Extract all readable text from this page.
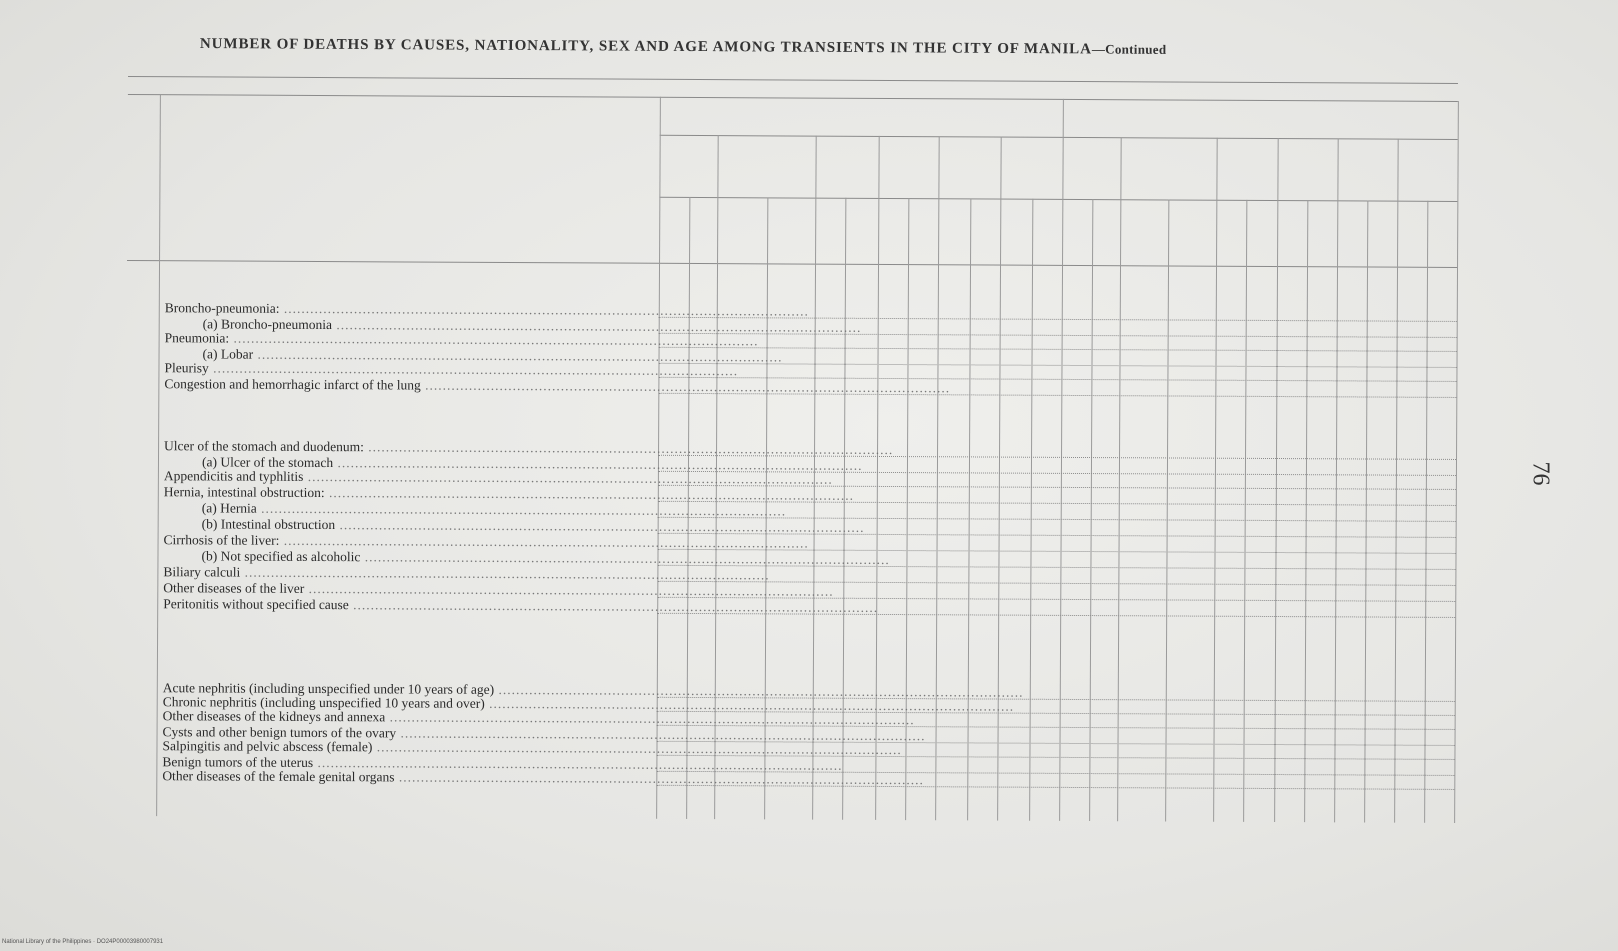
NUMBER OF DEATHS BY CAUSES, NATIONALITY, SEX AND AGE AMONG TRANSIENTS IN THE CITY OF MANILA—Continued
Broncho-pneumonia: ........................................................................................................................
(a) Broncho-pneumonia ........................................................................................................................
Pneumonia: ........................................................................................................................
(a) Lobar ........................................................................................................................
Pleurisy ........................................................................................................................
Congestion and hemorrhagic infarct of the lung ........................................................................................................................
Ulcer of the stomach and duodenum: ........................................................................................................................
(a) Ulcer of the stomach ........................................................................................................................
Appendicitis and typhlitis ........................................................................................................................
Hernia, intestinal obstruction: ........................................................................................................................
(a) Hernia ........................................................................................................................
(b) Intestinal obstruction ........................................................................................................................
Cirrhosis of the liver: ........................................................................................................................
(b) Not specified as alcoholic ........................................................................................................................
Biliary calculi ........................................................................................................................
Other diseases of the liver ........................................................................................................................
Peritonitis without specified cause ........................................................................................................................
Acute nephritis (including unspecified under 10 years of age) ........................................................................................................................
Chronic nephritis (including unspecified 10 years and over) ........................................................................................................................
Other diseases of the kidneys and annexa ........................................................................................................................
Cysts and other benign tumors of the ovary ........................................................................................................................
Salpingitis and pelvic abscess (female) ........................................................................................................................
Benign tumors of the uterus ........................................................................................................................
Other diseases of the female genital organs ........................................................................................................................
76
National Library of the Philippines · DO24P00003980007931
